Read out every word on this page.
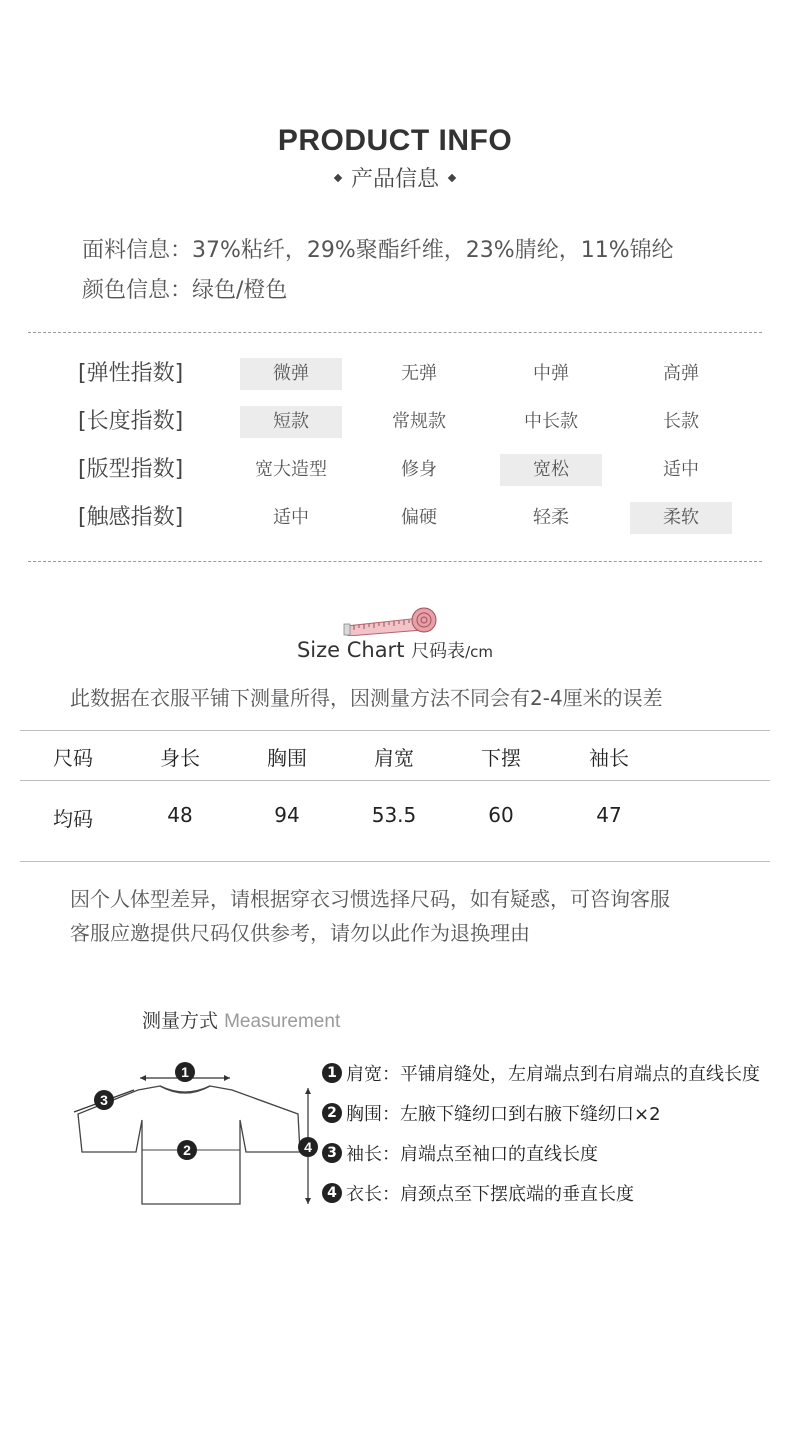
PRODUCT INFO
产品信息
面料信息：37%粘纤，29%聚酯纤维，23%腈纶，11%锦纶
颜色信息：绿色/橙色
[弹性指数]	微弹	无弹	中弹	高弹
[长度指数]	短款	常规款	中长款	长款
[版型指数]	宽大造型	修身	宽松	适中
[触感指数]	适中	偏硬	轻柔	柔软
Size Chart 尺码表/cm
此数据在衣服平铺下测量所得，因测量方法不同会有2-4厘米的误差
尺码	身长	胸围	肩宽	下摆	袖长
均码	48	94	53.5	60	47
因个人体型差异，请根据穿衣习惯选择尺码，如有疑惑，可咨询客服
客服应邀提供尺码仅供参考，请勿以此作为退换理由
测量方式 Measurement
1
2
3
4
1 肩宽：平铺肩缝处，左肩端点到右肩端点的直线长度
2 胸围：左腋下缝纫口到右腋下缝纫口×2
3 袖长：肩端点至袖口的直线长度
4 衣长：肩颈点至下摆底端的垂直长度
